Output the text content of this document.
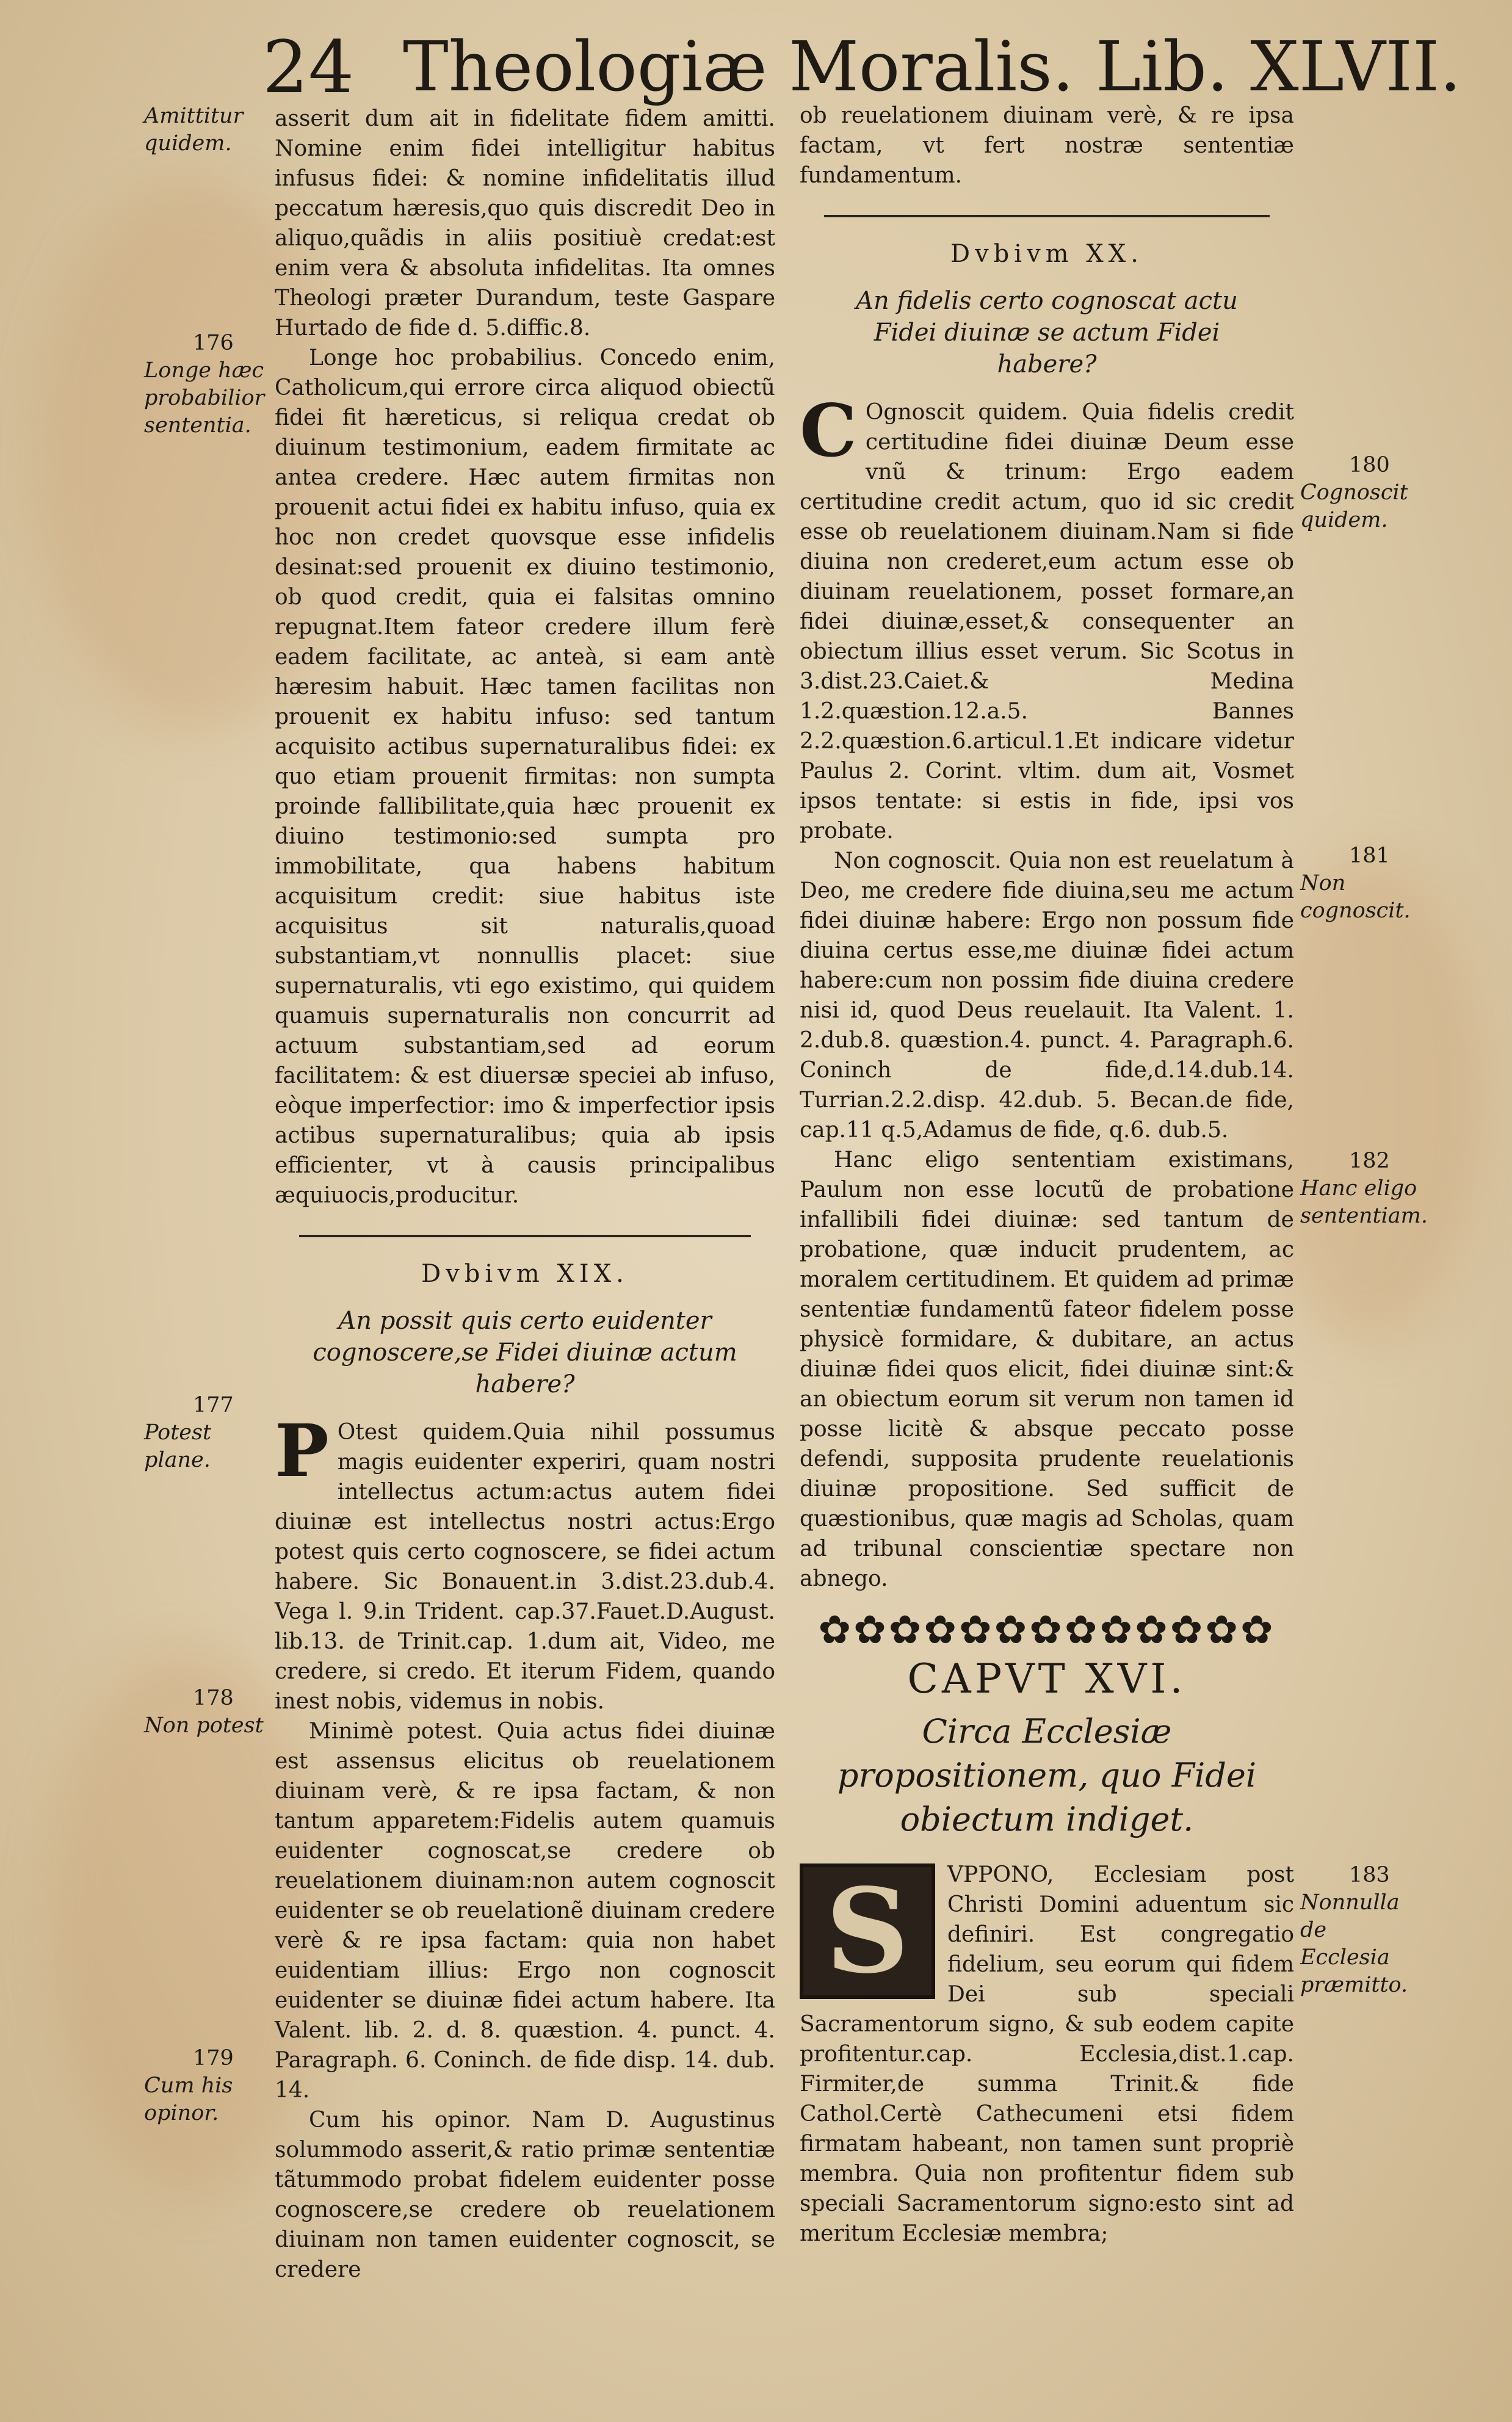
24 Theologiæ Moralis. Lib. XLVII.
Amittitur quidem.
176
Longe hæc probabilior sententia.
177
Potest plane.
178
Non potest
179
Cum his opinor.
180
Cognoscit quidem.
181
Non cognoscit.
182
Hanc eligo sententiam.
183
Nonnulla de Ecclesia præmitto.

asserit dum ait in fidelitate fidem amitti. Nomine enim fidei intelligitur habitus infusus fidei: & nomine infidelitatis illud peccatum hæresis,quo quis discredit Deo in aliquo,quãdis in aliis positiuè credat:est enim vera & absoluta infidelitas. Ita omnes Theologi præter Durandum, teste Gaspare Hurtado de fide d. 5.diffic.8.

Longe hoc probabilius. Concedo enim, Catholicum,qui errore circa aliquod obiectũ fidei fit hæreticus, si reliqua credat ob diuinum testimonium, eadem firmitate ac antea credere. Hæc autem firmitas non prouenit actui fidei ex habitu infuso, quia ex hoc non credet quovsque esse infidelis desinat:sed prouenit ex diuino testimonio, ob quod credit, quia ei falsitas omnino repugnat.Item fateor credere illum ferè eadem facilitate, ac anteà, si eam antè hæresim habuit. Hæc tamen facilitas non prouenit ex habitu infuso: sed tantum acquisito actibus supernaturalibus fidei: ex quo etiam prouenit firmitas: non sumpta proinde fallibilitate,quia hæc prouenit ex diuino testimonio:sed sumpta pro immobilitate, qua habens habitum acquisitum credit: siue habitus iste acquisitus sit naturalis,quoad substantiam,vt nonnullis placet: siue supernaturalis, vti ego existimo, qui quidem quamuis supernaturalis non concurrit ad actuum substantiam,sed ad eorum facilitatem: & est diuersæ speciei ab infuso, eòque imperfectior: imo & imperfectior ipsis actibus supernaturalibus; quia ab ipsis efficienter, vt à causis principalibus æquiuocis,producitur.

Dvbivm XIX.

An possit quis certo euidenter cognoscere,se Fidei diuinæ actum habere?

P Otest quidem.Quia nihil possumus magis euidenter experiri, quam nostri intellectus actum:actus autem fidei diuinæ est intellectus nostri actus:Ergo potest quis certo cognoscere, se fidei actum habere. Sic Bonauent.in 3.dist.23.dub.4. Vega l. 9.in Trident. cap.37.Fauet.D.August. lib.13. de Trinit.cap. 1.dum ait, Video, me credere, si credo. Et iterum Fidem, quando inest nobis, videmus in nobis.

Minimè potest. Quia actus fidei diuinæ est assensus elicitus ob reuelationem diuinam verè, & re ipsa factam, & non tantum apparetem:Fidelis autem quamuis euidenter cognoscat,se credere ob reuelationem diuinam:non autem cognoscit euidenter se ob reuelationẽ diuinam credere verè & re ipsa factam: quia non habet euidentiam illius: Ergo non cognoscit euidenter se diuinæ fidei actum habere. Ita Valent. lib. 2. d. 8. quæstion. 4. punct. 4. Paragraph. 6. Coninch. de fide disp. 14. dub. 14.

Cum his opinor. Nam D. Augustinus solummodo asserit,& ratio primæ sententiæ tãtummodo probat fidelem euidenter posse cognoscere,se credere ob reuelationem diuinam non tamen euidenter cognoscit, se credere

ob reuelationem diuinam verè, & re ipsa factam, vt fert nostræ sententiæ fundamentum.

Dvbivm XX.

An fidelis certo cognoscat actu Fidei diuinæ se actum Fidei habere?

C Ognoscit quidem. Quia fidelis credit certitudine fidei diuinæ Deum esse vnũ & trinum: Ergo eadem certitudine credit actum, quo id sic credit esse ob reuelationem diuinam.Nam si fide diuina non crederet,eum actum esse ob diuinam reuelationem, posset formare,an fidei diuinæ,esset,& consequenter an obiectum illius esset verum. Sic Scotus in 3.dist.23.Caiet.& Medina 1.2.quæstion.12.a.5. Bannes 2.2.quæstion.6.articul.1.Et indicare videtur Paulus 2. Corint. vltim. dum ait, Vosmet ipsos tentate: si estis in fide, ipsi vos probate.

Non cognoscit. Quia non est reuelatum à Deo, me credere fide diuina,seu me actum fidei diuinæ habere: Ergo non possum fide diuina certus esse,me diuinæ fidei actum habere:cum non possim fide diuina credere nisi id, quod Deus reuelauit. Ita Valent. 1. 2.dub.8. quæstion.4. punct. 4. Paragraph.6. Coninch de fide,d.14.dub.14. Turrian.2.2.disp. 42.dub. 5. Becan.de fide, cap.11 q.5,Adamus de fide, q.6. dub.5.

Hanc eligo sententiam existimans, Paulum non esse locutũ de probatione infallibili fidei diuinæ: sed tantum de probatione, quæ inducit prudentem, ac moralem certitudinem. Et quidem ad primæ sententiæ fundamentũ fateor fidelem posse physicè formidare, & dubitare, an actus diuinæ fidei quos elicit, fidei diuinæ sint:& an obiectum eorum sit verum non tamen id posse licitè & absque peccato posse defendi, supposita prudente reuelationis diuinæ propositione. Sed sufficit de quæstionibus, quæ magis ad Scholas, quam ad tribunal conscientiæ spectare non abnego.

✿✿✿✿✿✿✿✿✿✿✿✿✿
CAPVT XVI.

Circa Ecclesiæ propositionem, quo Fidei obiectum indiget.

S	VPPONO, Ecclesiam post Christi Domini aduentum sic definiri. Est congregatio fidelium, seu eorum qui fidem Dei sub speciali Sacramentorum signo, & sub eodem capite profitentur.cap. Ecclesia,dist.1.cap. Firmiter,de summa Trinit.& fide Cathol.Certè Cathecumeni etsi fidem firmatam habeant, non tamen sunt propriè membra. Quia non profitentur fidem sub speciali Sacramentorum signo:esto sint ad meritum Ecclesiæ membra;
